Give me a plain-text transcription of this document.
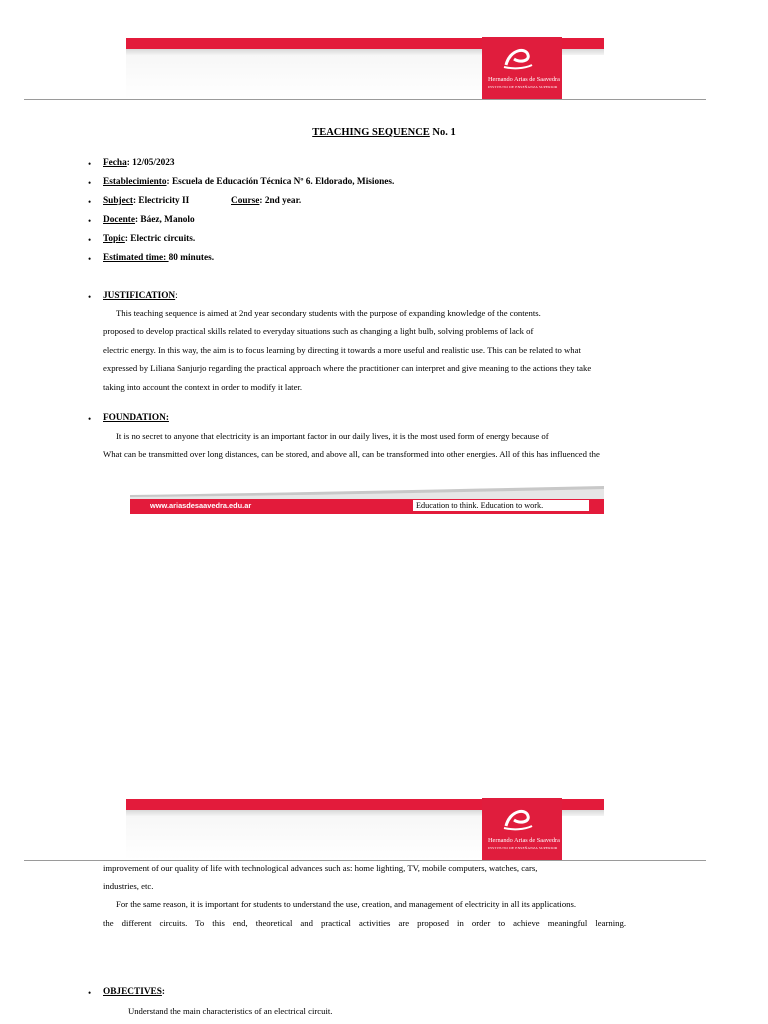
Hernando Arias de Saavedra
INSTITUTO DE ENSEÑANZA SUPERIOR
TEACHING SEQUENCE No. 1
• Fecha: 12/05/2023
• Establecimiento: Escuela de Educación Técnica Nº 6. Eldorado, Misiones.
• Subject: Electricity II	Course: 2nd year.
• Docente: Báez, Manolo
• Topic: Electric circuits.
• Estimated time: 80 minutes.
• JUSTIFICATION:
This teaching sequence is aimed at 2nd year secondary students with the purpose of expanding knowledge of the contents.
proposed to develop practical skills related to everyday situations such as changing a light bulb, solving problems of lack of
electric energy. In this way, the aim is to focus learning by directing it towards a more useful and realistic use. This can be related to what
expressed by Liliana Sanjurjo regarding the practical approach where the practitioner can interpret and give meaning to the actions they take
taking into account the context in order to modify it later.
• FOUNDATION:
It is no secret to anyone that electricity is an important factor in our daily lives, it is the most used form of energy because of
What can be transmitted over long distances, can be stored, and above all, can be transformed into other energies. All of this has influenced the
www.ariasdesaavedra.edu.ar	Education to think. Education to work.
Hernando Arias de Saavedra
INSTITUTO DE ENSEÑANZA SUPERIOR
improvement of our quality of life with technological advances such as: home lighting, TV, mobile computers, watches, cars,
industries, etc.
For the same reason, it is important for students to understand the use, creation, and management of electricity in all its applications.
the different circuits. To this end, theoretical and practical activities are proposed in order to achieve meaningful learning.
• OBJECTIVES:
Understand the main characteristics of an electrical circuit.
